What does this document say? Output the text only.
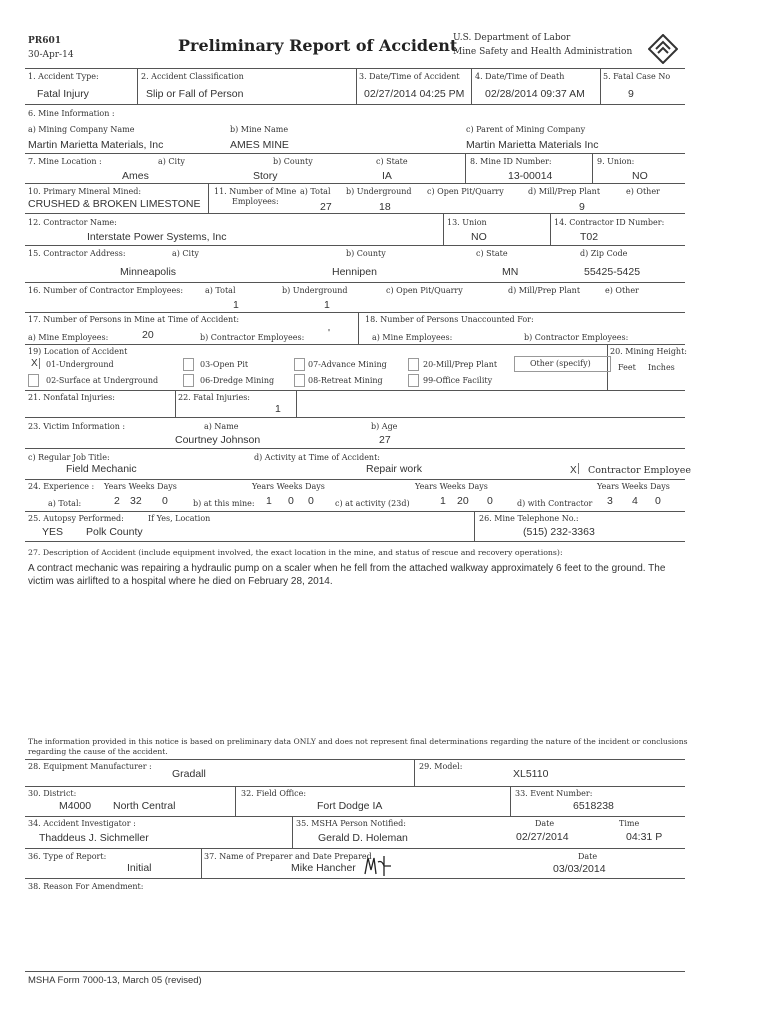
PR601
30-Apr-14	Preliminary Report of Accident
U.S. Department of Labor
Mine Safety and Health Administration
1. Accident Type:
Fatal Injury
2. Accident Classification
Slip or Fall of Person
3. Date/Time of Accident
02/27/2014 04:25 PM
4. Date/Time of Death
02/28/2014 09:37 AM
5. Fatal Case No
9
6. Mine Information :
a) Mining Company Name
Martin Marietta Materials, Inc
b) Mine Name
AMES MINE
c) Parent of Mining Company
Martin Marietta Materials Inc
7. Mine Location :	a) City
Ames
b) County
Story
c) State
IA
8. Mine ID Number:
13-00014
9. Union:
NO
10. Primary Mineral Mined:
CRUSHED & BROKEN LIMESTONE
11. Number of Mine
Employees:
a) Total
27
b) Underground
18
c) Open Pit/Quarry	d) Mill/Prep Plant
9
e) Other
12. Contractor Name:
Interstate Power Systems, Inc
13. Union
NO
14. Contractor ID Number:
T02
15. Contractor Address:	a) City
Minneapolis
b) County
Hennipen
c) State
MN
d) Zip Code
55425-5425
16. Number of Contractor Employees:	a) Total
1
b) Underground
1
c) Open Pit/Quarry	d) Mill/Prep Plant	e) Other
17. Number of Persons in Mine at Time of Accident:
a) Mine Employees:	20	b) Contractor Employees: '
18. Number of Persons Unaccounted For:
a) Mine Employees:	b) Contractor Employees:
19) Location of Accident
X 01-Underground
02-Surface at Underground
03-Open Pit
06-Dredge Mining
07-Advance Mining
08-Retreat Mining
20-Mill/Prep Plant
99-Office Facility
Other (specify)
20. Mining Height:
Feet Inches
21. Nonfatal Injuries:	22. Fatal Injuries:
1
23. Victim Information :	a) Name
Courtney Johnson
b) Age
27
c) Regular Job Title:
Field Mechanic
d) Activity at Time of Accident:
Repair work	X Contractor Employee
24. Experience : Years Weeks Days	Years Weeks Days	Years Weeks Days	Years Weeks Days
a) Total:	2 32 0	b) at this mine: 1 0 0	c) at activity (23d)	1 20 0	d) with Contractor 3 4 0
25. Autopsy Performed:
YES
If Yes, Location
Polk County
26. Mine Telephone No.:
(515) 232-3363
27. Description of Accident (include equipment involved, the exact location in the mine, and status of rescue and recovery operations):
A contract mechanic was repairing a hydraulic pump on a scaler when he fell from the attached walkway approximately 6 feet to the ground. The
victim was airlifted to a hospital where he died on February 28, 2014.
The information provided in this notice is based on preliminary data ONLY and does not represent final determinations regarding the nature of the incident or conclusions
regarding the cause of the accident.
28. Equipment Manufacturer :
Gradall
29. Model:
XL5110
30. District:
M4000 North Central
32. Field Office:
Fort Dodge IA
33. Event Number:
6518238
34. Accident Investigator :
Thaddeus J. Sichmeller
35. MSHA Person Notified:
Gerald D. Holeman
Date
02/27/2014
Time
04:31 P
36. Type of Report:
Initial
37. Name of Preparer and Date Prepared
Mike Hancher
Date
03/03/2014
38. Reason For Amendment:
MSHA Form 7000-13, March 05 (revised)
